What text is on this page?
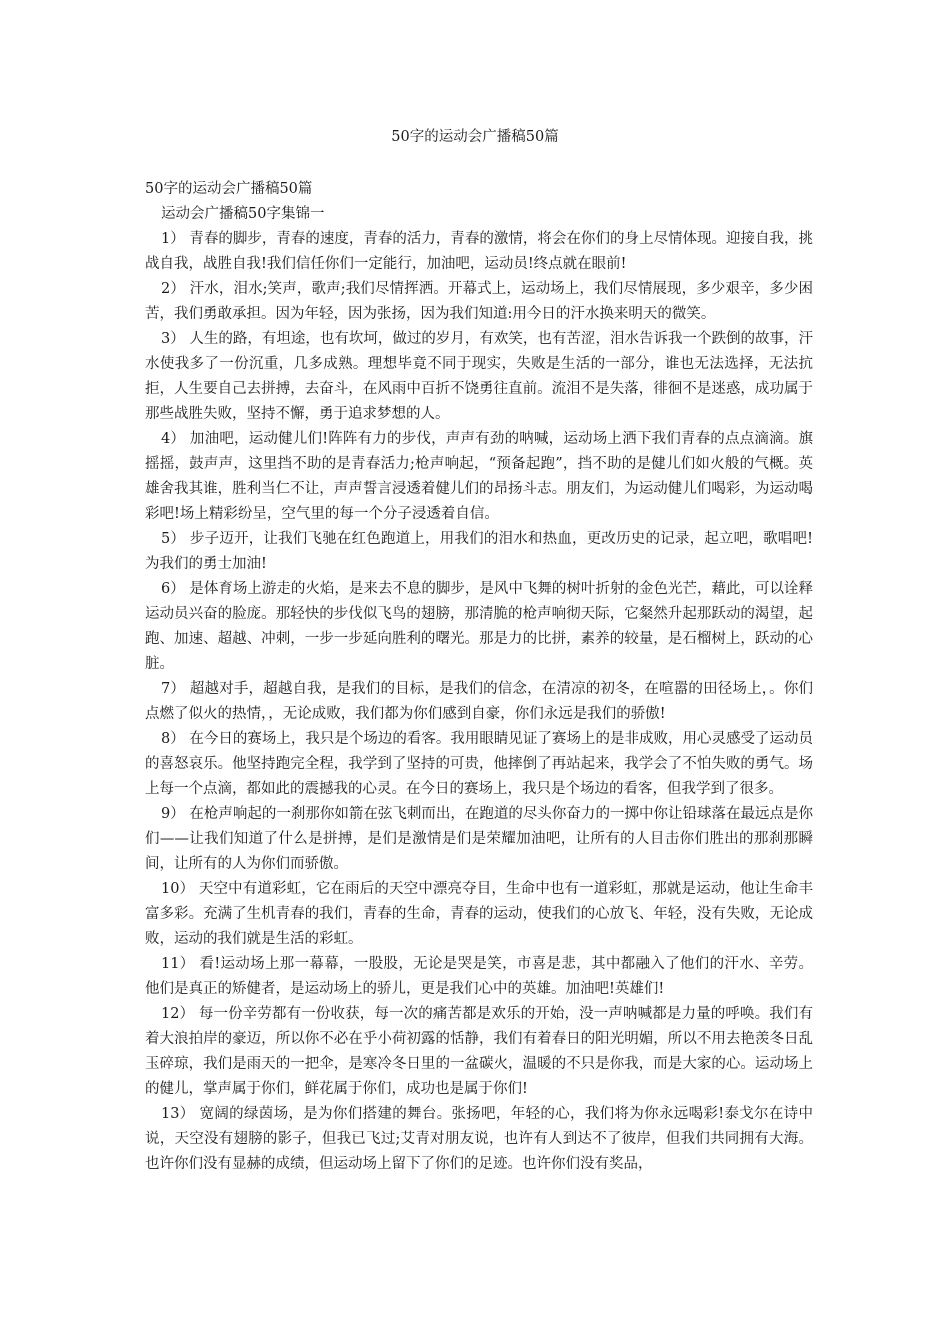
50字的运动会广播稿50篇

50字的运动会广播稿50篇

运动会广播稿50字集锦一

1） 青春的脚步，青春的速度，青春的活力，青春的激情，将会在你们的身上尽情体现。迎接自我，挑战自我，战胜自我!我们信任你们一定能行，加油吧，运动员!终点就在眼前!

2） 汗水，泪水;笑声，歌声;我们尽情挥洒。开幕式上，运动场上，我们尽情展现，多少艰辛，多少困苦，我们勇敢承担。因为年轻，因为张扬，因为我们知道:用今日的汗水换来明天的微笑。

3） 人生的路，有坦途，也有坎坷，做过的岁月，有欢笑，也有苦涩，泪水告诉我一个跌倒的故事，汗水使我多了一份沉重，几多成熟。理想毕竟不同于现实，失败是生活的一部分，谁也无法选择，无法抗拒，人生要自己去拼搏，去奋斗，在风雨中百折不饶勇往直前。流泪不是失落，徘徊不是迷惑，成功属于那些战胜失败，坚持不懈，勇于追求梦想的人。

4） 加油吧，运动健儿们!阵阵有力的步伐，声声有劲的呐喊，运动场上洒下我们青春的点点滴滴。旗摇摇，鼓声声，这里挡不助的是青春活力;枪声响起，“预备起跑”，挡不助的是健儿们如火般的气概。英雄舍我其谁，胜利当仁不让，声声誓言浸透着健儿们的昂扬斗志。朋友们，为运动健儿们喝彩，为运动喝彩吧!场上精彩纷呈，空气里的每一个分子浸透着自信。

5） 步子迈开，让我们飞驰在红色跑道上，用我们的泪水和热血，更改历史的记录，起立吧，歌唱吧!为我们的勇士加油!

6） 是体育场上游走的火焰，是来去不息的脚步，是风中飞舞的树叶折射的金色光芒，藉此，可以诠释运动员兴奋的脸庞。那轻快的步伐似飞鸟的翅膀，那清脆的枪声响彻天际，它粲然升起那跃动的渴望，起跑、加速、超越、冲刺，一步一步延向胜利的曙光。那是力的比拼，素养的较量，是石榴树上，跃动的心脏。

7） 超越对手，超越自我，是我们的目标，是我们的信念，在清凉的初冬，在喧嚣的田径场上，。你们点燃了似火的热情，，无论成败，我们都为你们感到自豪，你们永远是我们的骄傲!

8） 在今日的赛场上，我只是个场边的看客。我用眼睛见证了赛场上的是非成败，用心灵感受了运动员的喜怒哀乐。他坚持跑完全程，我学到了坚持的可贵，他摔倒了再站起来，我学会了不怕失败的勇气。场上每一个点滴，都如此的震撼我的心灵。在今日的赛场上，我只是个场边的看客，但我学到了很多。

9） 在枪声响起的一刹那你如箭在弦飞刺而出，在跑道的尽头你奋力的一掷中你让铅球落在最远点是你们——让我们知道了什么是拼搏，是们是激情是们是荣耀加油吧，让所有的人目击你们胜出的那刹那瞬间，让所有的人为你们而骄傲。

10） 天空中有道彩虹，它在雨后的天空中漂亮夺目，生命中也有一道彩虹，那就是运动，他让生命丰富多彩。充满了生机青春的我们，青春的生命，青春的运动，使我们的心放飞、年轻，没有失败，无论成败，运动的我们就是生活的彩虹。

11） 看!运动场上那一幕幕，一股股，无论是哭是笑，市喜是悲，其中都融入了他们的汗水、辛劳。他们是真正的矫健者，是运动场上的骄儿，更是我们心中的英雄。加油吧!英雄们!

12） 每一份辛劳都有一份收获，每一次的痛苦都是欢乐的开始，没一声呐喊都是力量的呼唤。我们有着大浪拍岸的豪迈，所以你不必在乎小荷初露的恬静，我们有着春日的阳光明媚，所以不用去艳羡冬日乱玉碎琼，我们是雨天的一把伞，是寒冷冬日里的一盆碳火，温暖的不只是你我，而是大家的心。运动场上的健儿，掌声属于你们，鲜花属于你们，成功也是属于你们!

13） 宽阔的绿茵场，是为你们搭建的舞台。张扬吧，年轻的心，我们将为你永远喝彩!泰戈尔在诗中说，天空没有翅膀的影子，但我已飞过;艾青对朋友说，也许有人到达不了彼岸，但我们共同拥有大海。也许你们没有显赫的成绩，但运动场上留下了你们的足迹。也许你们没有奖品，
